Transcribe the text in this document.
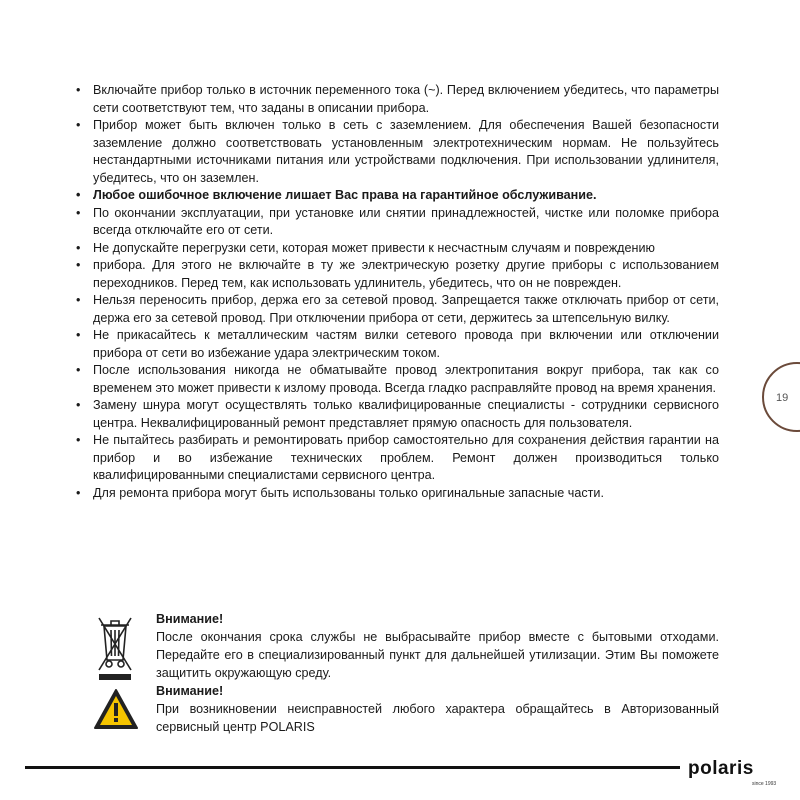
• Включайте прибор только в источник переменного тока (~). Перед включением убедитесь, что параметры сети соответствуют тем, что заданы в описании прибора.
• Прибор может быть включен только в сеть с заземлением. Для обеспечения Вашей безопасности заземление должно соответствовать установленным электротехническим нормам. Не пользуйтесь нестандартными источниками питания или устройствами подключения. При использовании удлинителя, убедитесь, что он заземлен.
• Любое ошибочное включение лишает Вас права на гарантийное обслуживание.
• По окончании эксплуатации, при установке или снятии принадлежностей, чистке или поломке прибора всегда отключайте его от сети.
• Не допускайте перегрузки сети, которая может привести к несчастным случаям и повреждению
• прибора. Для этого не включайте в ту же электрическую розетку другие приборы с использованием переходников. Перед тем, как использовать удлинитель, убедитесь, что он не поврежден.
• Нельзя переносить прибор, держа его за сетевой провод. Запрещается также отключать прибор от сети, держа его за сетевой провод. При отключении прибора от сети, держитесь за штепсельную вилку.
• Не прикасайтесь к металлическим частям вилки сетевого провода при включении или отключении прибора от сети во избежание удара электрическим током.
• После использования никогда не обматывайте провод электропитания вокруг прибора, так как со временем это может привести к излому провода. Всегда гладко расправляйте провод на время хранения.
• Замену шнура могут осуществлять только квалифицированные специалисты - сотрудники сервисного центра. Неквалифицированный ремонт представляет прямую опасность для пользователя.
• Не пытайтесь разбирать и ремонтировать прибор самостоятельно для сохранения действия гарантии на прибор и во избежание технических проблем. Ремонт должен производиться только квалифицированными специалистами сервисного центра.
• Для ремонта прибора могут быть использованы только оригинальные запасные части.
19

Внимание!

После окончания срока службы не выбрасывайте прибор вместе с бытовыми отходами. Передайте его в специализированный пункт для дальнейшей утилизации. Этим Вы поможете защитить окружающую среду.

Внимание!

При возникновении неисправностей любого характера обращайтесь в Авторизованный сервисный центр POLARIS

polaris
since 1993
